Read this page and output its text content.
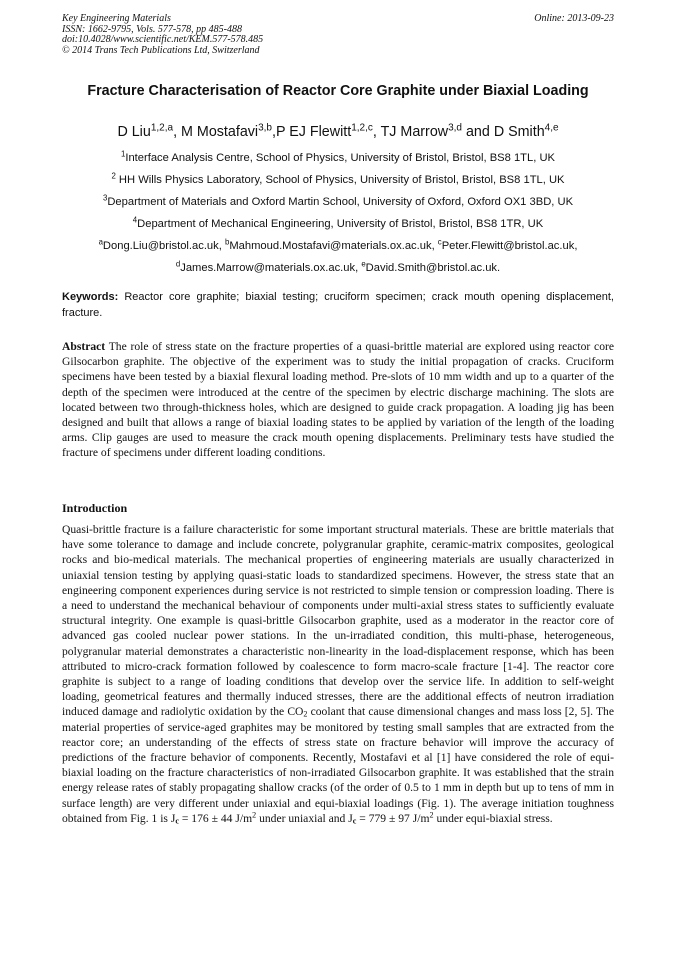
Key Engineering Materials
ISSN: 1662-9795, Vols. 577-578, pp 485-488
doi:10.4028/www.scientific.net/KEM.577-578.485
© 2014 Trans Tech Publications Ltd, Switzerland
Online: 2013-09-23
Fracture Characterisation of Reactor Core Graphite under Biaxial Loading
D Liu$^{1,2,a}$, M Mostafavi$^{3,b}$,P EJ Flewitt$^{1,2,c}$, TJ Marrow$^{3,d}$ and D Smith$^{4,e}$
$^1$Interface Analysis Centre, School of Physics, University of Bristol, Bristol, BS8 1TL, UK
$^2$ HH Wills Physics Laboratory, School of Physics, University of Bristol, Bristol, BS8 1TL, UK
$^3$Department of Materials and Oxford Martin School, University of Oxford, Oxford OX1 3BD, UK
$^4$Department of Mechanical Engineering, University of Bristol, Bristol, BS8 1TR, UK
$^a$Dong.Liu@bristol.ac.uk, $^b$Mahmoud.Mostafavi@materials.ox.ac.uk, $^c$Peter.Flewitt@bristol.ac.uk,
$^d$James.Marrow@materials.ox.ac.uk, $^e$David.Smith@bristol.ac.uk.
Keywords: Reactor core graphite; biaxial testing; cruciform specimen; crack mouth opening displacement, fracture.
Abstract The role of stress state on the fracture properties of a quasi-brittle material are explored using reactor core Gilsocarbon graphite. The objective of the experiment was to study the initial propagation of cracks. Cruciform specimens have been tested by a biaxial flexural loading method. Pre-slots of 10 mm width and up to a quarter of the depth of the specimen were introduced at the centre of the specimen by electric discharge machining. The slots are located between two through-thickness holes, which are designed to guide crack propagation. A loading jig has been designed and built that allows a range of biaxial loading states to be applied by variation of the length of the loading arms. Clip gauges are used to measure the crack mouth opening displacements. Preliminary tests have studied the fracture of specimens under different loading conditions.
Introduction
Quasi-brittle fracture is a failure characteristic for some important structural materials. These are brittle materials that have some tolerance to damage and include concrete, polygranular graphite, ceramic-matrix composites, geological rocks and bio-medical materials. The mechanical properties of engineering materials are usually characterized in uniaxial tension testing by applying quasi-static loads to standardized specimens. However, the stress state that an engineering component experiences during service is not restricted to simple tension or compression loading. There is a need to understand the mechanical behaviour of components under multi-axial stress states to sufficiently evaluate structural integrity. One example is quasi-brittle Gilsocarbon graphite, used as a moderator in the reactor core of advanced gas cooled nuclear power stations. In the un-irradiated condition, this multi-phase, heterogeneous, polygranular material demonstrates a characteristic non-linearity in the load-displacement response, which has been attributed to micro-crack formation followed by coalescence to form macro-scale fracture [1-4]. The reactor core graphite is subject to a range of loading conditions that develop over the service life. In addition to self-weight loading, geometrical features and thermally induced stresses, there are the additional effects of neutron irradiation induced damage and radiolytic oxidation by the $CO_2$ coolant that cause dimensional changes and mass loss [2, 5]. The material properties of service-aged graphites may be monitored by testing small samples that are extracted from the reactor core; an understanding of the effects of stress state on fracture behavior will improve the accuracy of predictions of the fracture behavior of components. Recently, Mostafavi et al [1] have considered the role of equi-biaxial loading on the fracture characteristics of non-irradiated Gilsocarbon graphite. It was established that the strain energy release rates of stably propagating shallow cracks (of the order of 0.5 to 1 mm in depth but up to tens of mm in surface length) are very different under uniaxial and equi-biaxial loadings (Fig. 1). The average initiation toughness obtained from Fig. 1 is $J_c = 176 \pm 44$ $J/m^2$ under uniaxial and $J_c = 779 \pm 97$ $J/m^2$ under equi-biaxial stress.
